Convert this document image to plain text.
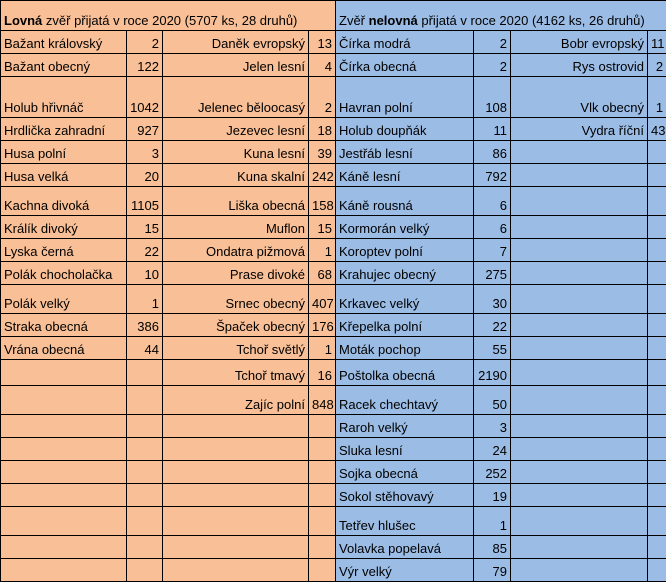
Lovná zvěř přijatá v roce 2020 (5707 ks, 28 druhů)				Zvěř nelovná přijatá v roce 2020 (4162 ks, 26 druhů)			
Bažant královský	2	Daněk evropský	13	Čírka modrá	2	Bobr evropský	11
Bažant obecný	122	Jelen lesní	4	Čírka obecná	2	Rys ostrovid	2
Holub hřivnáč	1042	Jelenec běloocasý	2	Havran polní	108	Vlk obecný	1
Hrdlička zahradní	927	Jezevec lesní	18	Holub doupňák	11	Vydra říční	43
Husa polní	3	Kuna lesní	39	Jestřáb lesní	86		
Husa velká	20	Kuna skalní	242	Káně lesní	792		
Kachna divoká	1105	Liška obecná	158	Káně rousná	6		
Králík divoký	15	Muflon	15	Kormorán velký	6		
Lyska černá	22	Ondatra pižmová	1	Koroptev polní	7		
Polák chocholačka	10	Prase divoké	68	Krahujec obecný	275		
Polák velký	1	Srnec obecný	407	Krkavec velký	30		
Straka obecná	386	Špaček obecný	176	Křepelka polní	22		
Vrána obecná	44	Tchoř světlý	1	Moták pochop	55		
		Tchoř tmavý	16	Poštolka obecná	2190		
		Zajíc polní	848	Racek chechtavý	50		
				Raroh velký	3		
				Sluka lesní	24		
				Sojka obecná	252		
				Sokol stěhovavý	19		
				Tetřev hlušec	1		
				Volavka popelavá	85		
				Výr velký	79		
